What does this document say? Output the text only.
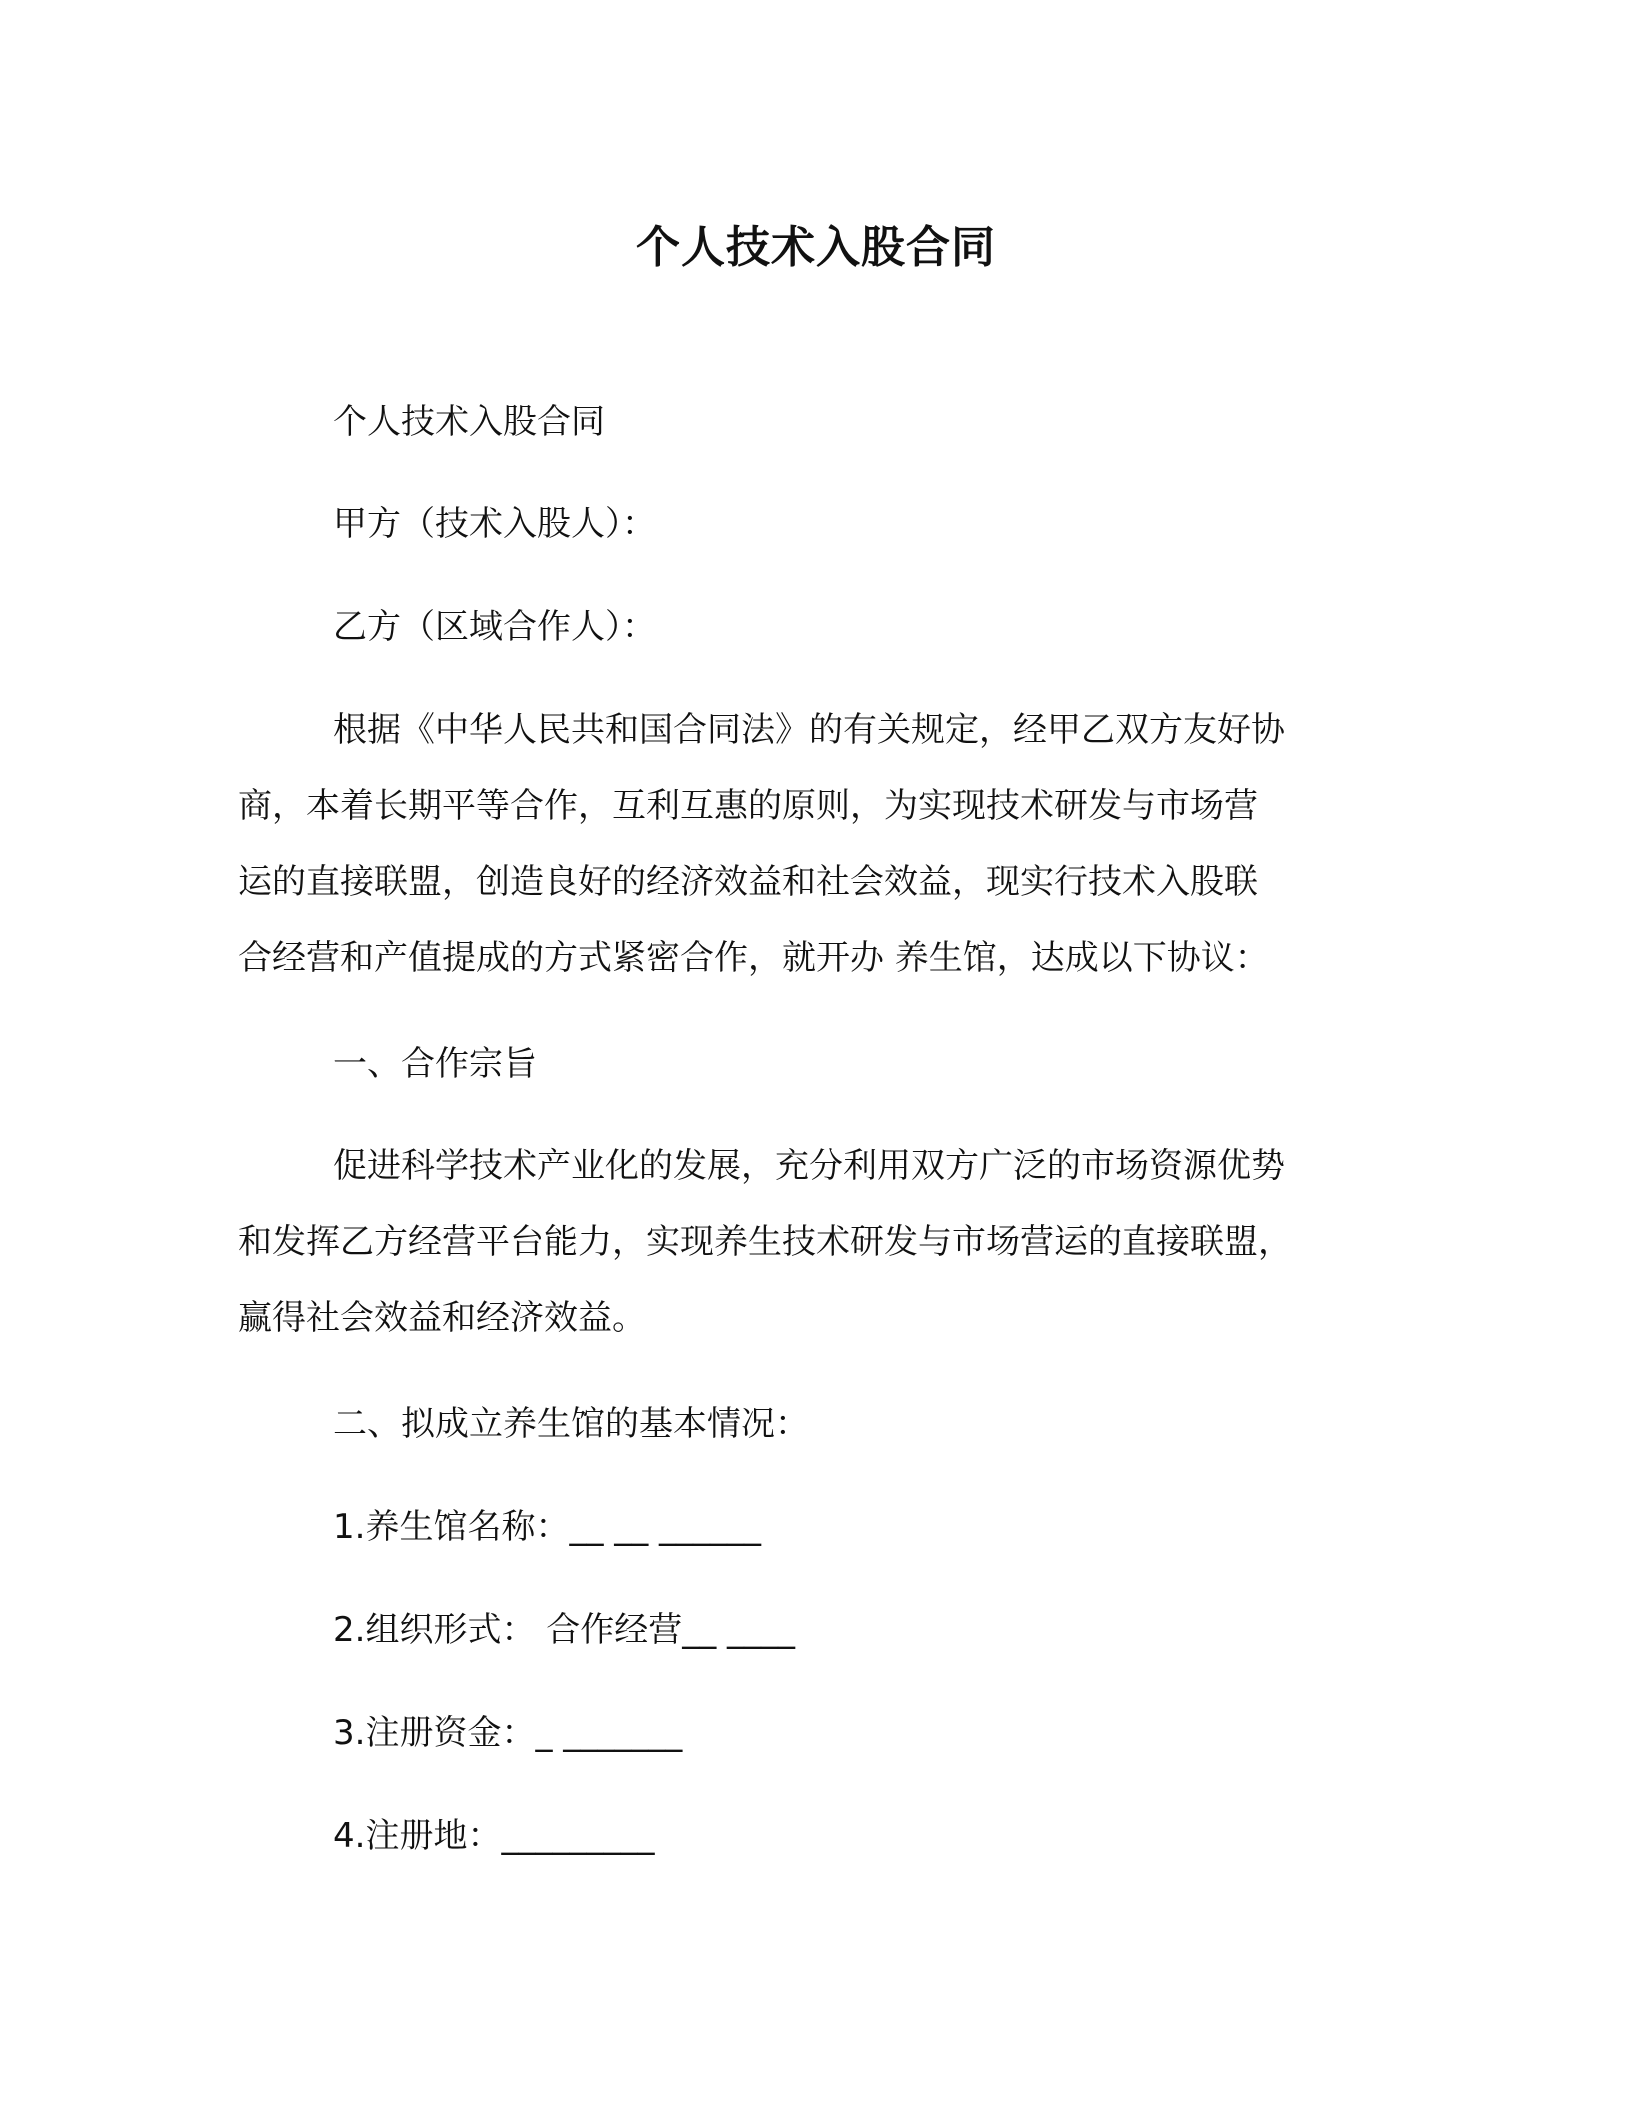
个人技术入股合同
个人技术入股合同
甲方（技术入股人）：
乙方（区域合作人）：
根据《中华人民共和国合同法》的有关规定，经甲乙双方友好协
商，本着长期平等合作，互利互惠的原则，为实现技术研发与市场营
运的直接联盟，创造良好的经济效益和社会效益，现实行技术入股联
合经营和产值提成的方式紧密合作，就开办 养生馆，达成以下协议：
一、合作宗旨
促进科学技术产业化的发展，充分利用双方广泛的市场资源优势
和发挥乙方经营平台能力，实现养生技术研发与市场营运的直接联盟，
赢得社会效益和经济效益。
二、拟成立养生馆的基本情况：
1.养生馆名称：__ __ ______
2.组织形式： 合作经营__ ____
3.注册资金：_ _______
4.注册地：_________
